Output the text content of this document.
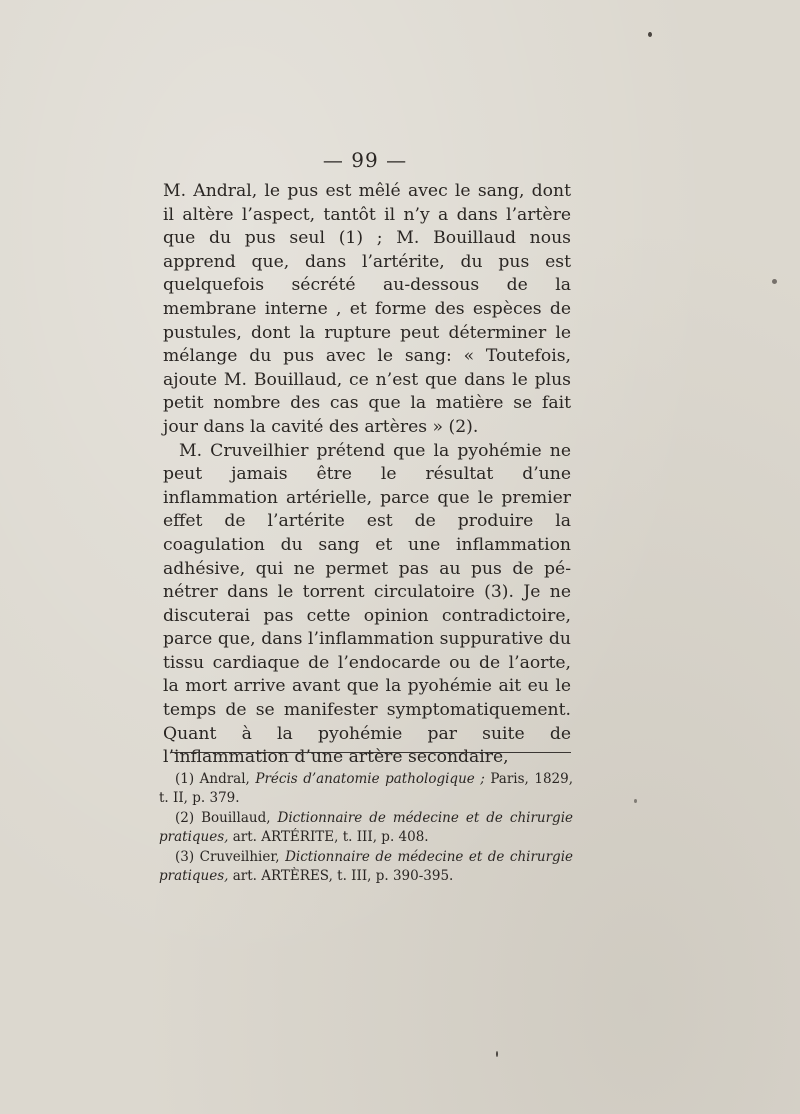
— 99 —

M. Andral, le pus est mêlé avec le sang, dont il altère l’aspect, tantôt il n’y a dans l’artère que du pus seul (1) ; M. Bouillaud nous apprend que, dans l’artérite, du pus est quelquefois sécrété au-dessous de la membrane interne , et forme des espèces de pustules, dont la rupture peut déterminer le mélange du pus avec le sang: « Toutefois, ajoute M. Bouillaud, ce n’est que dans le plus petit nombre des cas que la matière se fait jour dans la cavité des artères » (2).

M. Cruveilhier prétend que la pyohémie ne peut jamais être le résultat d’une inflammation artérielle, parce que le premier effet de l’artérite est de produire la coagulation du sang et une inflammation adhésive, qui ne permet pas au pus de pénétrer dans le torrent circulatoire (3). Je ne discuterai pas cette opinion contradictoire, parce que, dans l’inflammation suppurative du tissu cardiaque de l’endocarde ou de l’aorte, la mort arrive avant que la pyohémie ait eu le temps de se manifester symptomatiquement. Quant à la pyohémie par suite de l’inflammation d’une artère secondaire,

(1) Andral, Précis d’anatomie pathologique ; Paris, 1829, t. II, p. 379.

(2) Bouillaud, Dictionnaire de médecine et de chirurgie pratiques, art. ARTÉRITE, t. III, p. 408.

(3) Cruveilhier, Dictionnaire de médecine et de chirurgie pratiques, art. ARTÈRES, t. III, p. 390-395.
